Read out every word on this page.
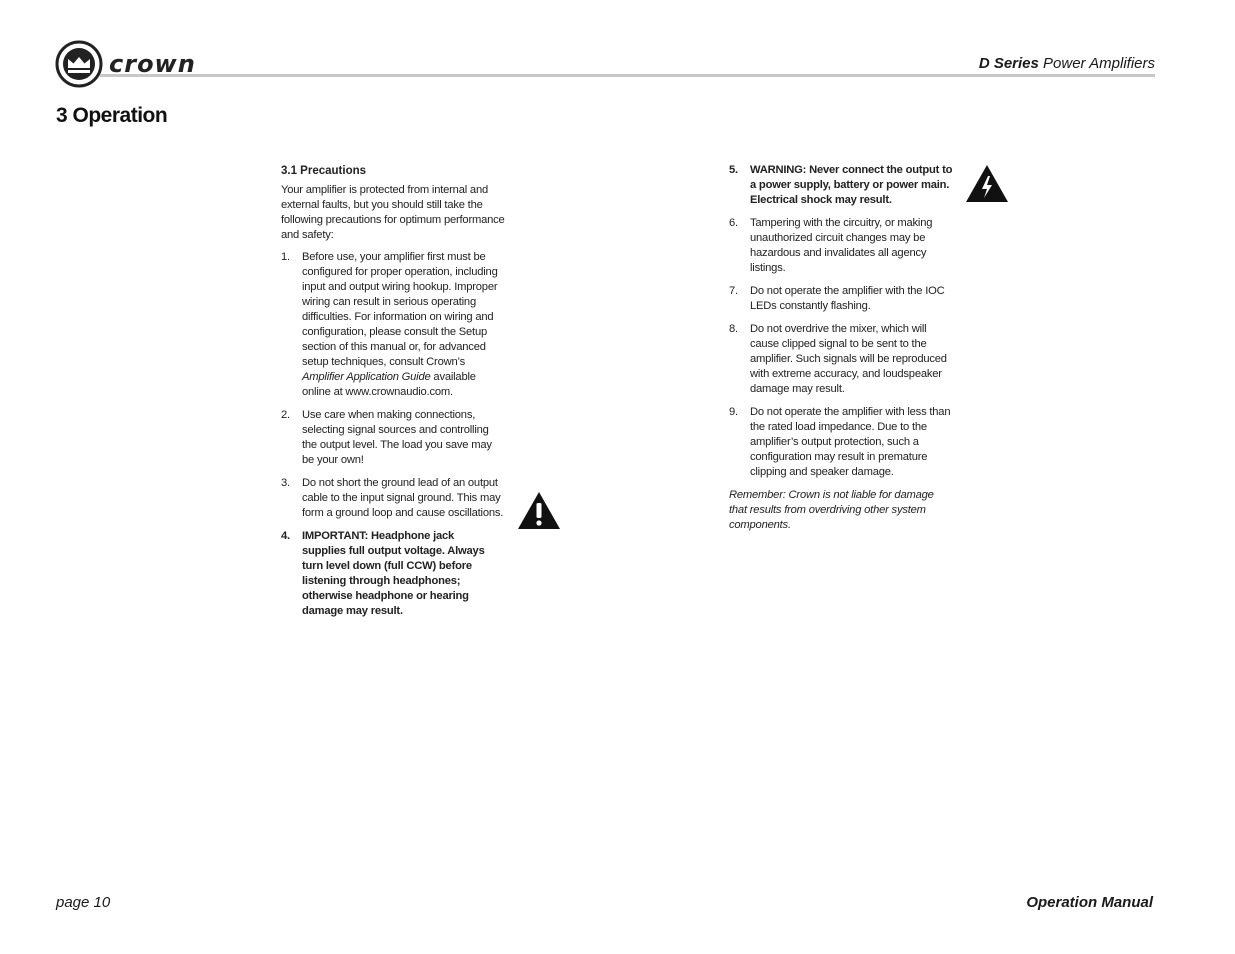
crown	D Series Power Amplifiers
3 Operation

3.1 Precautions

Your amplifier is protected from internal and external faults, but you should still take the following precautions for optimum performance and safety:

1.	Before use, your amplifier first must be configured for proper operation, including input and output wiring hookup. Improper wiring can result in serious operating difficulties. For information on wiring and configuration, please consult the Setup section of this manual or, for advanced setup techniques, consult Crown’s Amplifier Application Guide available online at www.crownaudio.com.
2.	Use care when making connections, selecting signal sources and controlling the output level. The load you save may be your own!
3.	Do not short the ground lead of an output cable to the input signal ground. This may form a ground loop and cause oscillations.
4.	IMPORTANT: Headphone jack supplies full output voltage. Always turn level down (full CCW) before listening through headphones; otherwise headphone or hearing damage may result.
5.	WARNING: Never connect the output to a power supply, battery or power main. Electrical shock may result.
6.	Tampering with the circuitry, or making unauthorized circuit changes may be hazardous and invalidates all agency listings.
7.	Do not operate the amplifier with the IOC LEDs constantly flashing.
8.	Do not overdrive the mixer, which will cause clipped signal to be sent to the amplifier. Such signals will be reproduced with extreme accuracy, and loudspeaker damage may result.
9.	Do not operate the amplifier with less than the rated load impedance. Due to the amplifier’s output protection, such a configuration may result in premature clipping and speaker damage.

Remember: Crown is not liable for damage that results from overdriving other system components.

page 10	Operation Manual
